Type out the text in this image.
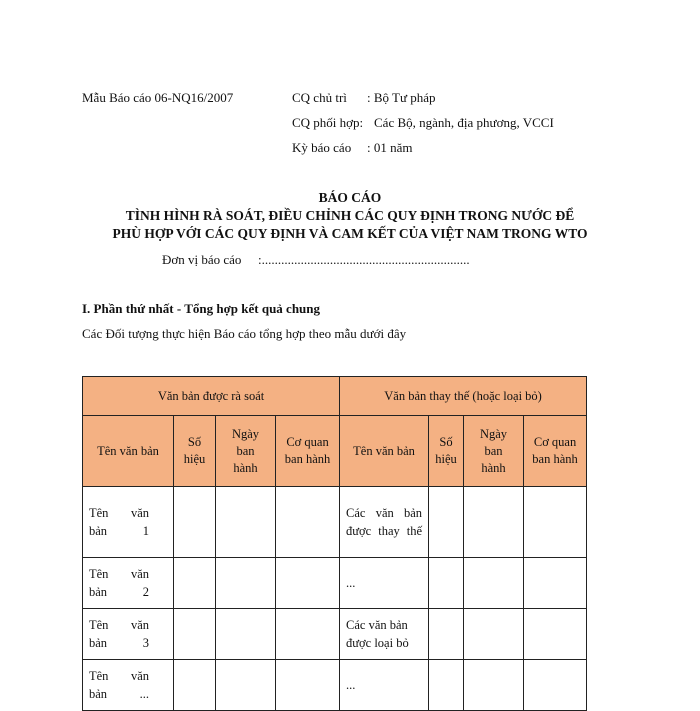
Mẫu Báo cáo 06-NQ16/2007	CQ chủ trì : Bộ Tư pháp
CQ phối hợp: Các Bộ, ngành, địa phương, VCCI
Kỳ báo cáo : 01 năm
BÁO CÁO
TÌNH HÌNH RÀ SOÁT, ĐIỀU CHỈNH CÁC QUY ĐỊNH TRONG NƯỚC ĐỂ
PHÙ HỢP VỚI CÁC QUY ĐỊNH VÀ CAM KẾT CỦA VIỆT NAM TRONG WTO
Đơn vị báo cáo :................................................................
I. Phần thứ nhất - Tổng hợp kết quả chung
Các Đối tượng thực hiện Báo cáo tổng hợp theo mẫu dưới đây
Văn bản được rà soát				Văn bản thay thế (hoặc loại bỏ)			
Tên văn bản	Số hiệu	Ngày ban hành	Cơ quan ban hành	Tên văn bản	Số hiệu	Ngày ban hành	Cơ quan ban hành

Tên văn bản 1				Các văn bản được thay thế			

Tên văn bản 2				...			

Tên văn bản 3				Các văn bản được loại bỏ			

Tên văn bản ...				...			
